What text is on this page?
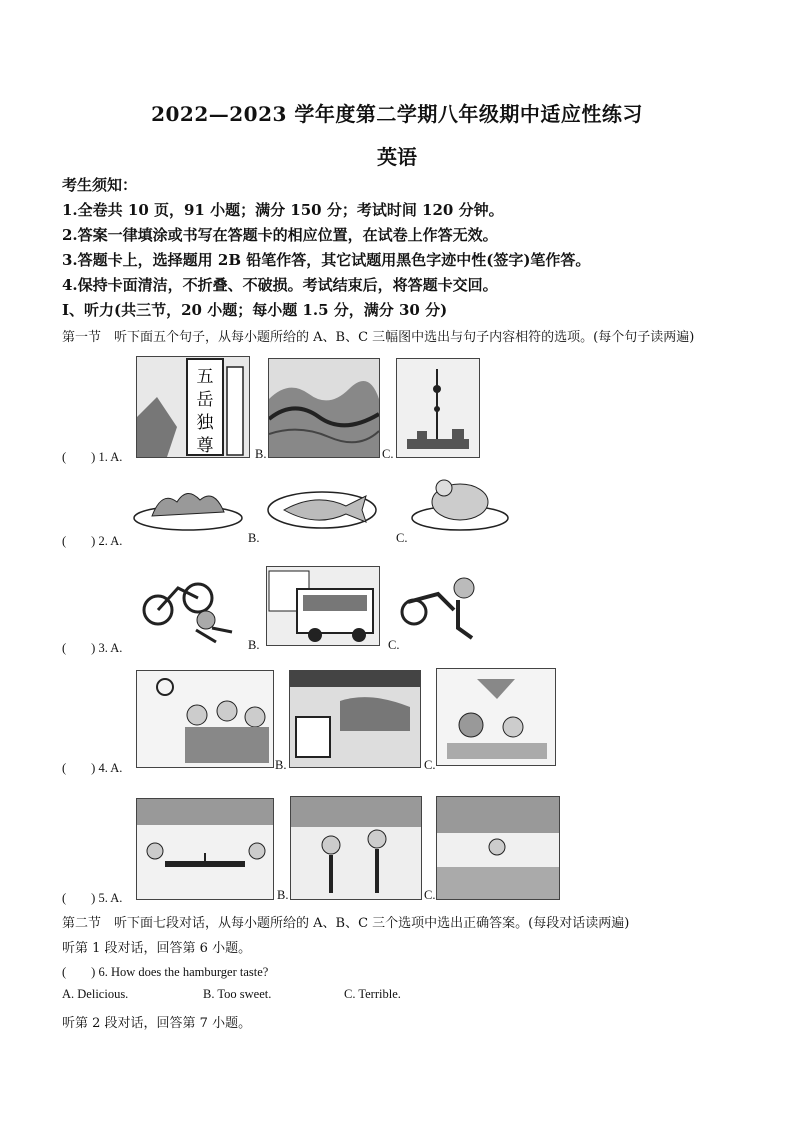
2022—2023 学年度第二学期八年级期中适应性练习
英语
考生须知：
1.全卷共 10 页，91 小题；满分 150 分；考试时间 120 分钟。
2.答案一律填涂或书写在答题卡的相应位置，在试卷上作答无效。
3.答题卡上，选择题用 2B 铅笔作答，其它试题用黑色字迹中性(签字)笔作答。
4.保持卡面清洁，不折叠、不破损。考试结束后，将答题卡交回。
Ⅰ、听力(共三节，20 小题；每小题 1.5 分，满分 30 分)
第一节　听下面五个句子，从每小题所给的 A、B、C 三幅图中选出与句子内容相符的选项。(每个句子读两遍)
五
岳
独
尊
(　　) 1. A.	B.	C.
(　　) 2. A.	B.	C.
(　　) 3. A.	B.	C.
(　　) 4. A.	B.	C.
(　　) 5. A.	B.	C.
第二节　听下面七段对话，从每小题所给的 A、B、C 三个选项中选出正确答案。(每段对话读两遍)
听第 1 段对话，回答第 6 小题。
(　　) 6. How does the hamburger taste?
A. Delicious.	B. Too sweet.	C. Terrible.
听第 2 段对话，回答第 7 小题。
